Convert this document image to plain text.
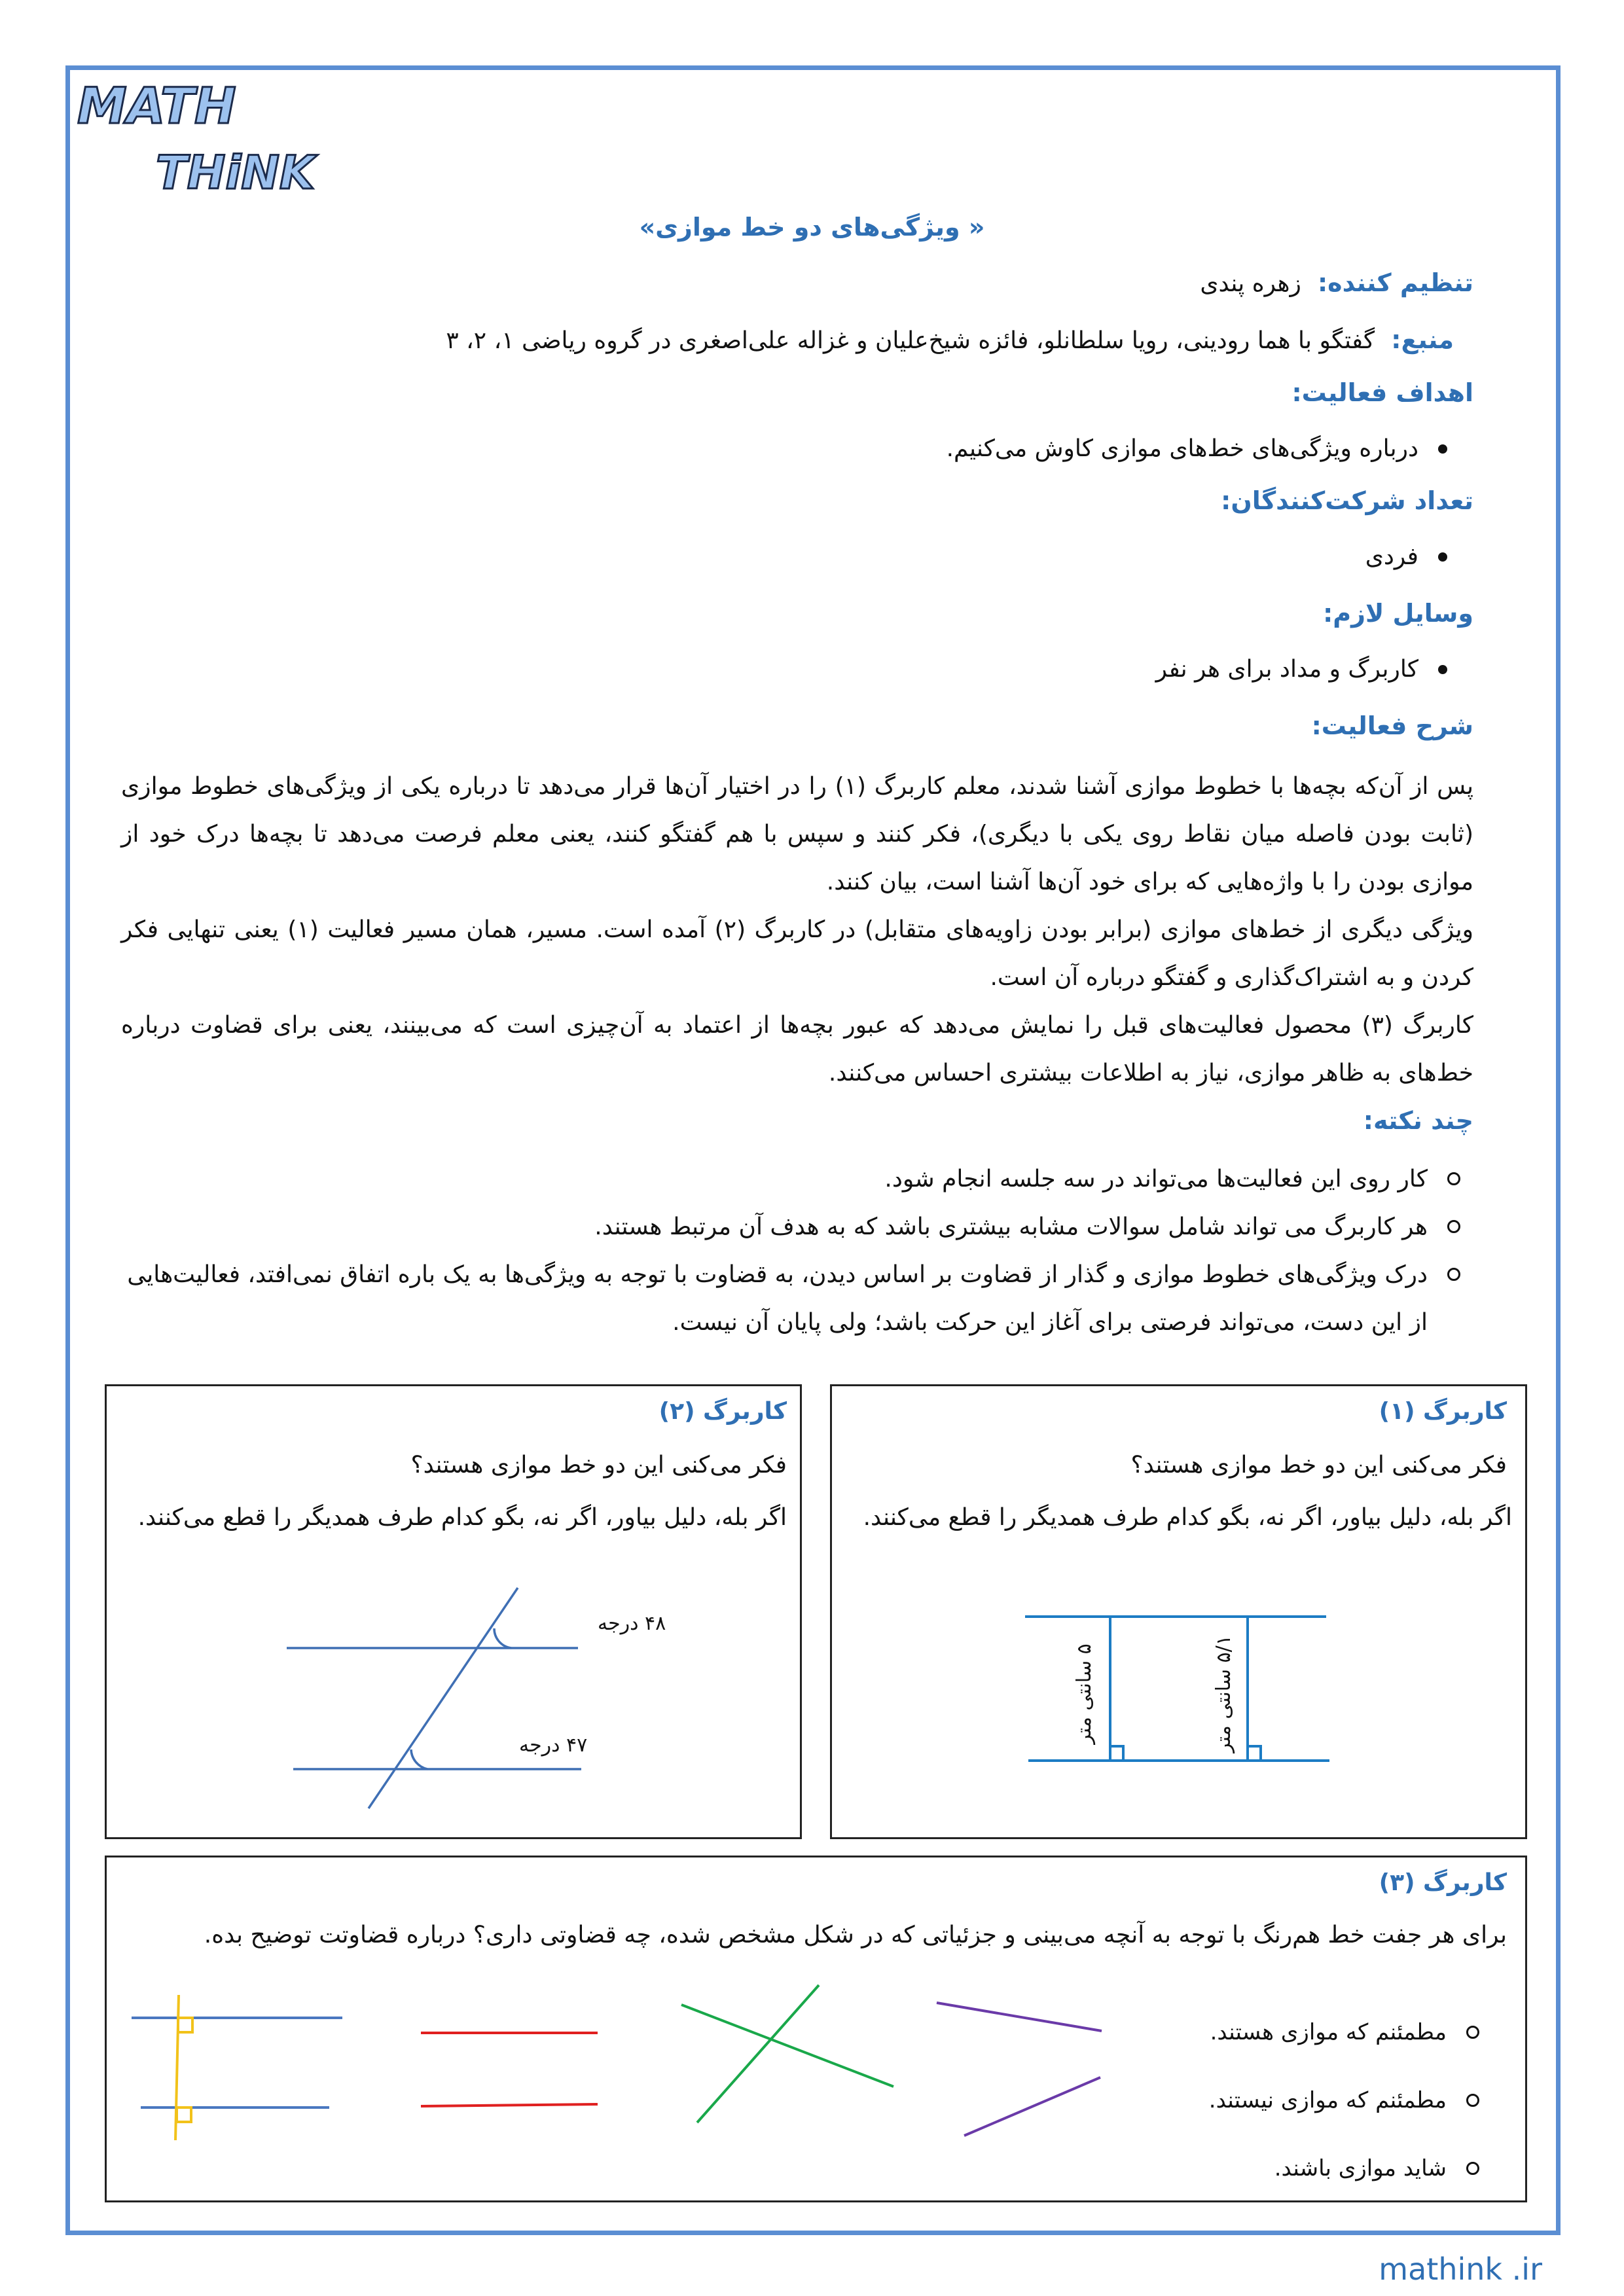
MATH
THiNK
« ویژگی‌های دو خط موازی»
تنظیم کننده: زهره پندی
منبع: گفتگو با هما رودینی، رویا سلطانلو، فائزه شیخ‌علیان و غزاله علی‌اصغری در گروه ریاضی ۱، ۲، ۳
اهداف فعالیت:
درباره ویژگی‌های خط‌های موازی کاوش می‌کنیم.
تعداد شرکت‌کنندگان:
فردی
وسایل لازم:
کاربرگ و مداد برای هر نفر
شرح فعالیت:
پس از آن‌که بچه‌ها با خطوط موازی آشنا شدند، معلم کاربرگ (۱) را در اختیار آن‌ها قرار می‌دهد تا درباره یکی از ویژگی‌های خطوط موازی (ثابت بودن فاصله میان نقاط روی یکی با دیگری)، فکر کنند و سپس با هم گفتگو کنند، یعنی معلم فرصت می‌دهد تا بچه‌ها درک خود از موازی بودن را با واژه‌هایی که برای خود آن‌ها آشنا است، بیان کنند.
ویژگی دیگری از خط‌های موازی (برابر بودن زاویه‌های متقابل) در کاربرگ (۲) آمده است. مسیر، همان مسیر فعالیت (۱) یعنی تنهایی فکر کردن و به اشتراک‌گذاری و گفتگو درباره آن است.
کاربرگ (۳) محصول فعالیت‌های قبل را نمایش می‌دهد که عبور بچه‌ها از اعتماد به آن‌چیزی است که می‌بینند، یعنی برای قضاوت درباره خط‌های به ظاهر موازی، نیاز به اطلاعات بیشتری احساس می‌کنند.
چند نکته:
کار روی این فعالیت‌ها می‌تواند در سه جلسه انجام شود.
هر کاربرگ می تواند شامل سوالات مشابه بیشتری باشد که به هدف آن مرتبط هستند.
درک ویژگی‌های خطوط موازی و گذار از قضاوت بر اساس دیدن، به قضاوت با توجه به ویژگی‌ها به یک باره اتفاق نمی‌افتد، فعالیت‌هایی از این دست، می‌تواند فرصتی برای آغاز این حرکت باشد؛ ولی پایان آن نیست.
کاربرگ (۱)
فکر می‌کنی این دو خط موازی هستند؟
اگر بله، دلیل بیاور، اگر نه، بگو کدام طرف همدیگر را قطع می‌کنند.
۵ سانتی متر
۵/۱ سانتی متر
کاربرگ (۲)
فکر می‌کنی این دو خط موازی هستند؟
اگر بله، دلیل بیاور، اگر نه، بگو کدام طرف همدیگر را قطع می‌کنند.
۴۸ درجه
۴۷ درجه
کاربرگ (۳)
برای هر جفت خط هم‌رنگ با توجه به آنچه می‌بینی و جزئیاتی که در شکل مشخص شده، چه قضاوتی داری؟ درباره قضاوتت توضیح بده.
مطمئنم که موازی هستند.
مطمئنم که موازی نیستند.
شاید موازی باشند.
mathink .ir
